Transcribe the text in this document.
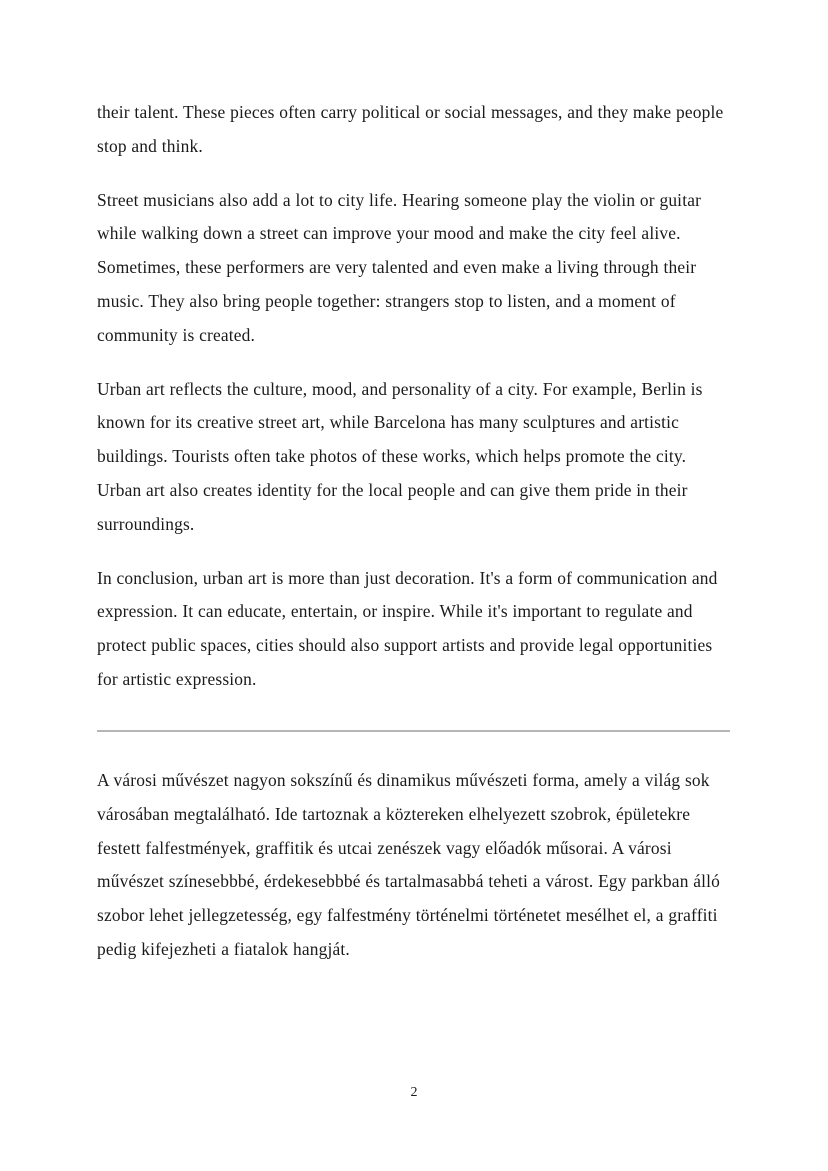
their talent. These pieces often carry political or social messages, and they make people stop and think.

Street musicians also add a lot to city life. Hearing someone play the violin or guitar while walking down a street can improve your mood and make the city feel alive. Sometimes, these performers are very talented and even make a living through their music. They also bring people together: strangers stop to listen, and a moment of community is created.

Urban art reflects the culture, mood, and personality of a city. For example, Berlin is known for its creative street art, while Barcelona has many sculptures and artistic buildings. Tourists often take photos of these works, which helps promote the city. Urban art also creates identity for the local people and can give them pride in their surroundings.

In conclusion, urban art is more than just decoration. It's a form of communication and expression. It can educate, entertain, or inspire. While it's important to regulate and protect public spaces, cities should also support artists and provide legal opportunities for artistic expression.

A városi művészet nagyon sokszínű és dinamikus művészeti forma, amely a világ sok városában megtalálható. Ide tartoznak a köztereken elhelyezett szobrok, épületekre festett falfestmények, graffitik és utcai zenészek vagy előadók műsorai. A városi művészet színesebbbé, érdekesebbbé és tartalmasabbá teheti a várost. Egy parkban álló szobor lehet jellegzetesség, egy falfestmény történelmi történetet mesélhet el, a graffiti pedig kifejezheti a fiatalok hangját.

2
